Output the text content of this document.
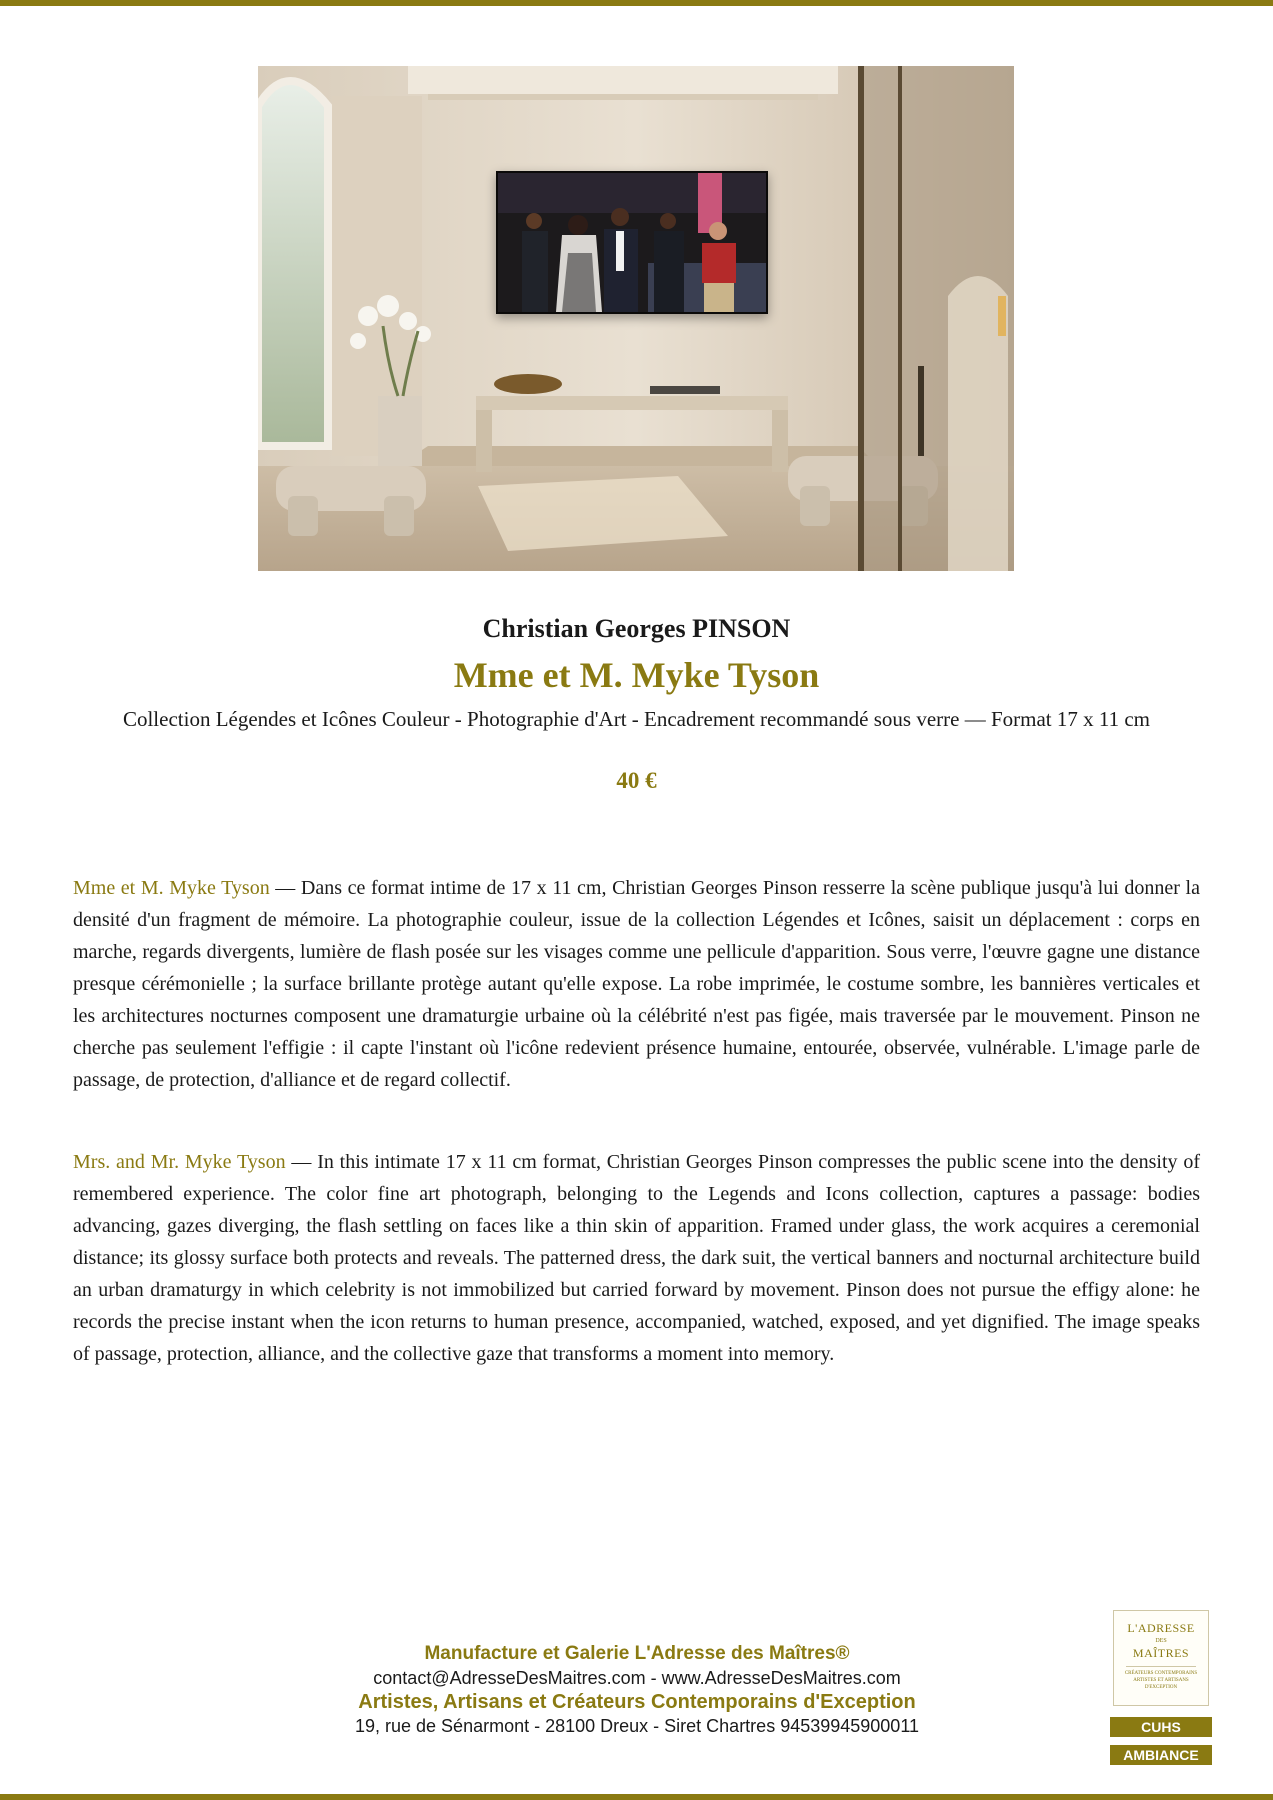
Christian Georges PINSON
Mme et M. Myke Tyson
Collection Légendes et Icônes Couleur - Photographie d'Art - Encadrement recommandé sous verre — Format 17 x 11 cm
40 €

Mme et M. Myke Tyson — Dans ce format intime de 17 x 11 cm, Christian Georges Pinson resserre la scène publique jusqu'à lui donner la densité d'un fragment de mémoire. La photographie couleur, issue de la collection Légendes et Icônes, saisit un déplacement : corps en marche, regards divergents, lumière de flash posée sur les visages comme une pellicule d'apparition. Sous verre, l'œuvre gagne une distance presque cérémonielle ; la surface brillante protège autant qu'elle expose. La robe imprimée, le costume sombre, les bannières verticales et les architectures nocturnes composent une dramaturgie urbaine où la célébrité n'est pas figée, mais traversée par le mouvement. Pinson ne cherche pas seulement l'effigie : il capte l'instant où l'icône redevient présence humaine, entourée, observée, vulnérable. L'image parle de passage, de protection, d'alliance et de regard collectif.

Mrs. and Mr. Myke Tyson — In this intimate 17 x 11 cm format, Christian Georges Pinson compresses the public scene into the density of remembered experience. The color fine art photograph, belonging to the Legends and Icons collection, captures a passage: bodies advancing, gazes diverging, the flash settling on faces like a thin skin of apparition. Framed under glass, the work acquires a ceremonial distance; its glossy surface both protects and reveals. The patterned dress, the dark suit, the vertical banners and nocturnal architecture build an urban dramaturgy in which celebrity is not immobilized but carried forward by movement. Pinson does not pursue the effigy alone: he records the precise instant when the icon returns to human presence, accompanied, watched, exposed, and yet dignified. The image speaks of passage, protection, alliance, and the collective gaze that transforms a moment into memory.

Manufacture et Galerie L'Adresse des Maîtres®
contact@AdresseDesMaitres.com - www.AdresseDesMaitres.com
Artistes, Artisans et Créateurs Contemporains d'Exception
19, rue de Sénarmont - 28100 Dreux - Siret Chartres 94539945900011
L'ADRESSE
DES
MAÎTRES
CRÉATEURS CONTEMPORAINS ARTISTES ET ARTISANS D'EXCEPTION
CUHS
AMBIANCE
